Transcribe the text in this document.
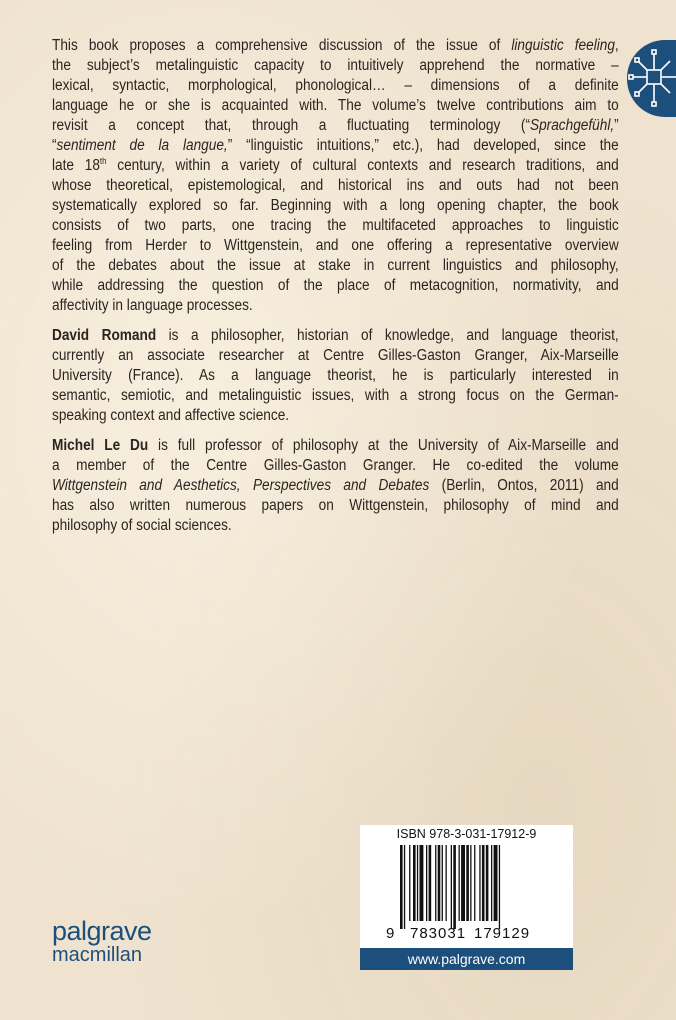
This book proposes a comprehensive discussion of the issue of linguistic feeling,
the subject’s metalinguistic capacity to intuitively apprehend the normative –
lexical, syntactic, morphological, phonological… – dimensions of a definite
language he or she is acquainted with. The volume’s twelve contributions aim to
revisit a concept that, through a fluctuating terminology (“Sprachgefühl,”
“sentiment de la langue,” “linguistic intuitions,” etc.), had developed, since the
late 18th century, within a variety of cultural contexts and research traditions, and
whose theoretical, epistemological, and historical ins and outs had not been
systematically explored so far. Beginning with a long opening chapter, the book
consists of two parts, one tracing the multifaceted approaches to linguistic
feeling from Herder to Wittgenstein, and one offering a representative overview
of the debates about the issue at stake in current linguistics and philosophy,
while addressing the question of the place of metacognition, normativity, and
affectivity in language processes.
David Romand is a philosopher, historian of knowledge, and language theorist,
currently an associate researcher at Centre Gilles-Gaston Granger, Aix-Marseille
University (France). As a language theorist, he is particularly interested in
semantic, semiotic, and metalinguistic issues, with a strong focus on the German-
speaking context and affective science.
Michel Le Du is full professor of philosophy at the University of Aix-Marseille and
a member of the Centre Gilles-Gaston Granger. He co-edited the volume
Wittgenstein and Aesthetics, Perspectives and Debates (Berlin, Ontos, 2011) and
has also written numerous papers on Wittgenstein, philosophy of mind and
philosophy of social sciences.
ISBN 978-3-031-17912-9
9 783031 179129
www.palgrave.com
palgrave
macmillan
